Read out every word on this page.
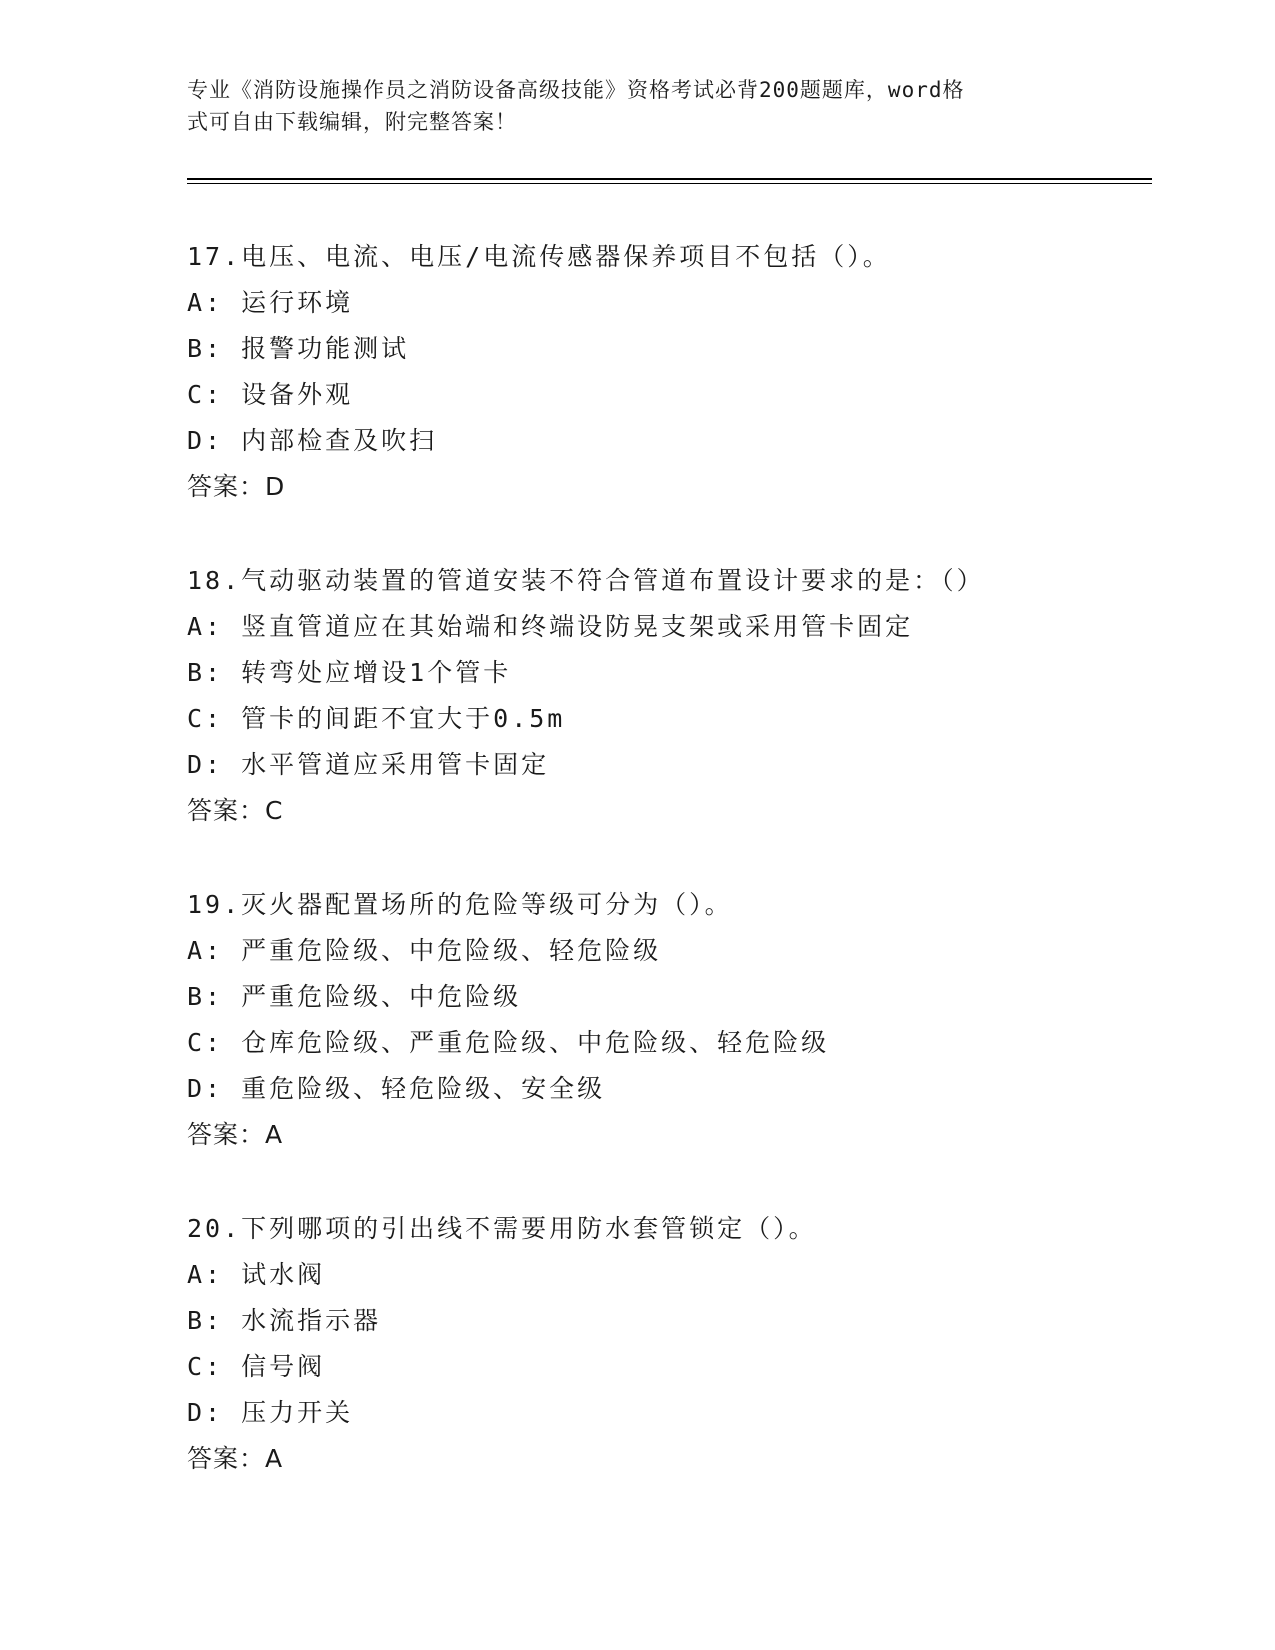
专业《消防设施操作员之消防设备高级技能》资格考试必背200题题库，word格
式可自由下载编辑，附完整答案！
17.电压、电流、电压/电流传感器保养项目不包括（）。
A: 运行环境
B: 报警功能测试
C: 设备外观
D: 内部检查及吹扫
答案：D
18.气动驱动装置的管道安装不符合管道布置设计要求的是：（）
A: 竖直管道应在其始端和终端设防晃支架或采用管卡固定
B: 转弯处应增设1个管卡
C: 管卡的间距不宜大于0.5m
D: 水平管道应采用管卡固定
答案：C
19.灭火器配置场所的危险等级可分为（）。
A: 严重危险级、中危险级、轻危险级
B: 严重危险级、中危险级
C: 仓库危险级、严重危险级、中危险级、轻危险级
D: 重危险级、轻危险级、安全级
答案：A
20.下列哪项的引出线不需要用防水套管锁定（）。
A: 试水阀
B: 水流指示器
C: 信号阀
D: 压力开关
答案：A
